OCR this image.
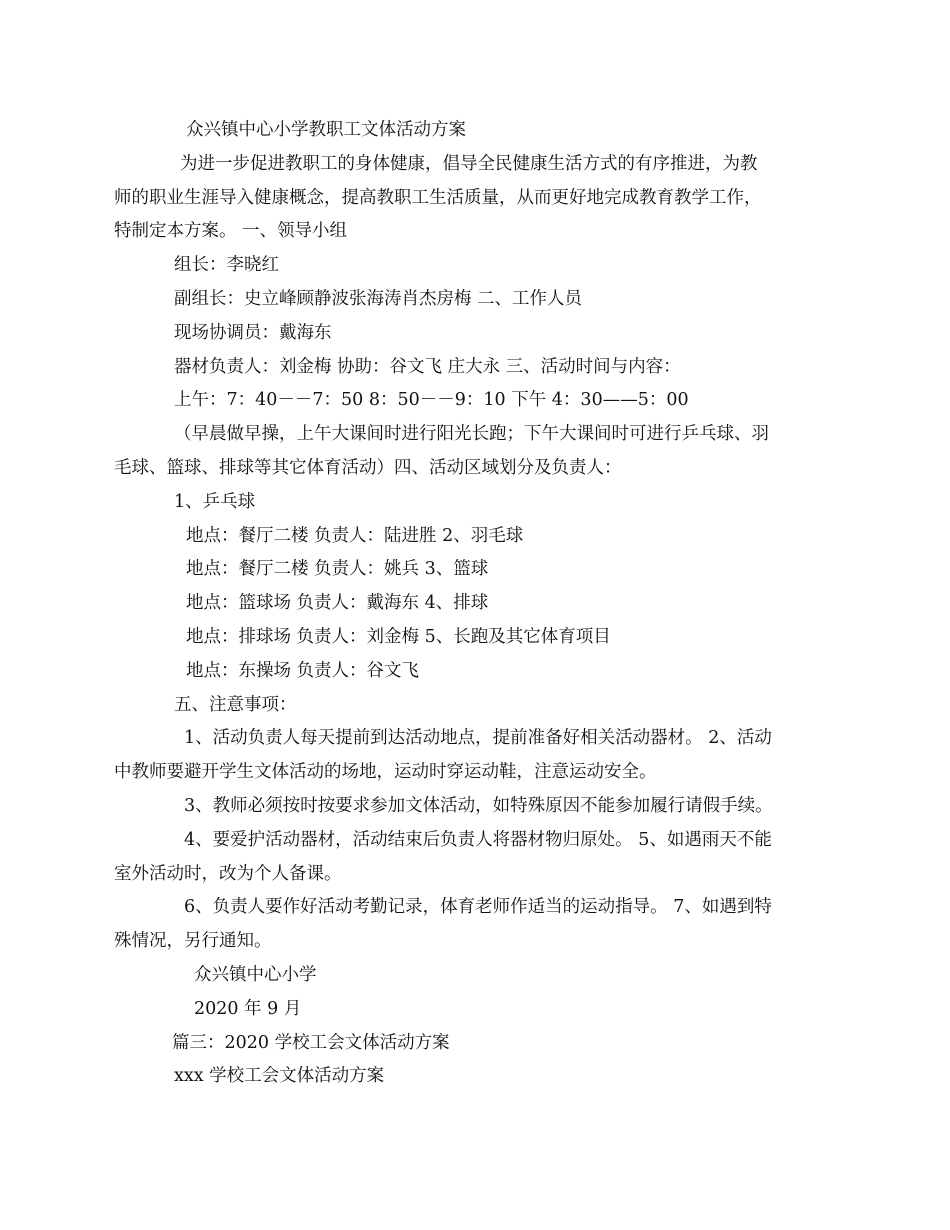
众兴镇中心小学教职工文体活动方案
为进一步促进教职工的身体健康，倡导全民健康生活方式的有序推进，为教
师的职业生涯导入健康概念，提高教职工生活质量，从而更好地完成教育教学工作，
特制定本方案。 一、领导小组
组长：李晓红
副组长：史立峰顾静波张海涛肖杰房梅 二、工作人员
现场协调员：戴海东
器材负责人：刘金梅 协助：谷文飞 庄大永 三、活动时间与内容：
上午：7：40－－7：50 8：50－－9：10 下午 4：30——5：00
（早晨做早操，上午大课间时进行阳光长跑；下午大课间时可进行乒乓球、羽
毛球、篮球、排球等其它体育活动）四、活动区域划分及负责人：
1、乒乓球
地点：餐厅二楼 负责人：陆进胜 2、羽毛球
地点：餐厅二楼 负责人：姚兵 3、篮球
地点：篮球场 负责人：戴海东 4、排球
地点：排球场 负责人：刘金梅 5、长跑及其它体育项目
地点：东操场 负责人：谷文飞
五、注意事项：
1、活动负责人每天提前到达活动地点，提前准备好相关活动器材。 2、活动
中教师要避开学生文体活动的场地，运动时穿运动鞋，注意运动安全。
3、教师必须按时按要求参加文体活动，如特殊原因不能参加履行请假手续。
4、要爱护活动器材，活动结束后负责人将器材物归原处。 5、如遇雨天不能
室外活动时，改为个人备课。
6、负责人要作好活动考勤记录，体育老师作适当的运动指导。 7、如遇到特
殊情况，另行通知。
众兴镇中心小学
2020 年 9 月
篇三：2020 学校工会文体活动方案
xxx 学校工会文体活动方案
